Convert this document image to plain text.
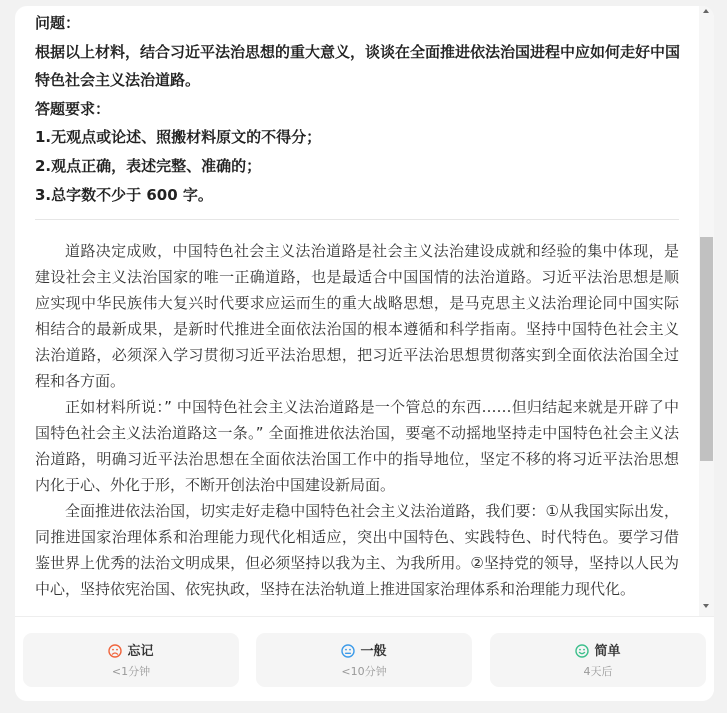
问题：

根据以上材料，结合习近平法治思想的重大意义，谈谈在全面推进依法治国进程中应如何走好中国特色社会主义法治道路。

答题要求：

1.无观点或论述、照搬材料原文的不得分；

2.观点正确，表述完整、准确的；

3.总字数不少于 600 字。

道路决定成败，中国特色社会主义法治道路是社会主义法治建设成就和经验的集中体现，是建设社会主义法治国家的唯一正确道路，也是最适合中国国情的法治道路。习近平法治思想是顺应实现中华民族伟大复兴时代要求应运而生的重大战略思想，是马克思主义法治理论同中国实际相结合的最新成果，是新时代推进全面依法治国的根本遵循和科学指南。坚持中国特色社会主义法治道路，必须深入学习贯彻习近平法治思想，把习近平法治思想贯彻落实到全面依法治国全过程和各方面。

正如材料所说：” 中国特色社会主义法治道路是一个管总的东西……但归结起来就是开辟了中国特色社会主义法治道路这一条。” 全面推进依法治国，要毫不动摇地坚持走中国特色社会主义法治道路，明确习近平法治思想在全面依法治国工作中的指导地位，坚定不移的将习近平法治思想内化于心、外化于形，不断开创法治中国建设新局面。

全面推进依法治国，切实走好走稳中国特色社会主义法治道路，我们要：①从我国实际出发，同推进国家治理体系和治理能力现代化相适应，突出中国特色、实践特色、时代特色。要学习借鉴世界上优秀的法治文明成果，但必须坚持以我为主、为我所用。②坚持党的领导，坚持以人民为中心，坚持依宪治国、依宪执政，坚持在法治轨道上推进国家治理体系和治理能力现代化。

忘记
<1分钟
一般
<10分钟
简单
4天后
